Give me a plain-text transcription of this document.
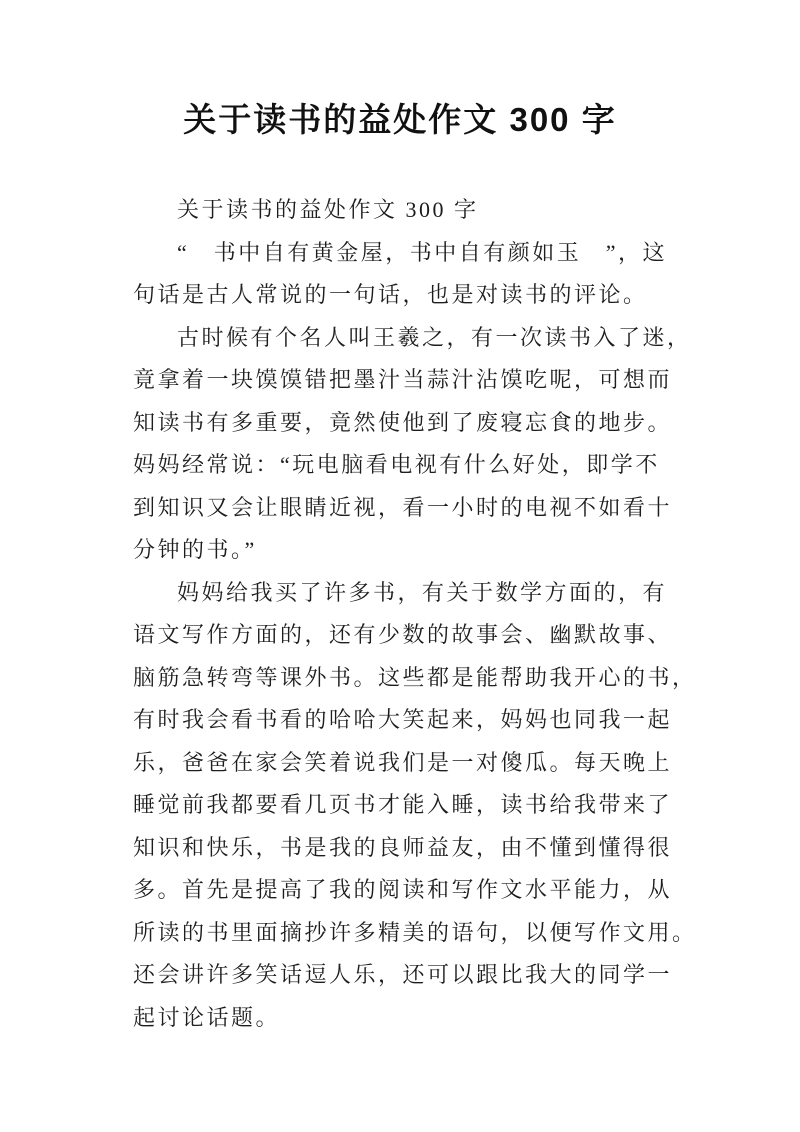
关于读书的益处作文 300 字
关于读书的益处作文 300 字
“　书中自有黄金屋，书中自有颜如玉　”，这
句话是古人常说的一句话，也是对读书的评论。
古时候有个名人叫王羲之，有一次读书入了迷，
竟拿着一块馍馍错把墨汁当蒜汁沾馍吃呢，可想而
知读书有多重要，竟然使他到了废寝忘食的地步。
妈妈经常说：“玩电脑看电视有什么好处，即学不
到知识又会让眼睛近视，看一小时的电视不如看十
分钟的书。”
妈妈给我买了许多书，有关于数学方面的，有
语文写作方面的，还有少数的故事会、幽默故事、
脑筋急转弯等课外书。这些都是能帮助我开心的书，
有时我会看书看的哈哈大笑起来，妈妈也同我一起
乐，爸爸在家会笑着说我们是一对傻瓜。每天晚上
睡觉前我都要看几页书才能入睡，读书给我带来了
知识和快乐，书是我的良师益友，由不懂到懂得很
多。首先是提高了我的阅读和写作文水平能力，从
所读的书里面摘抄许多精美的语句，以便写作文用。
还会讲许多笑话逗人乐，还可以跟比我大的同学一
起讨论话题。
